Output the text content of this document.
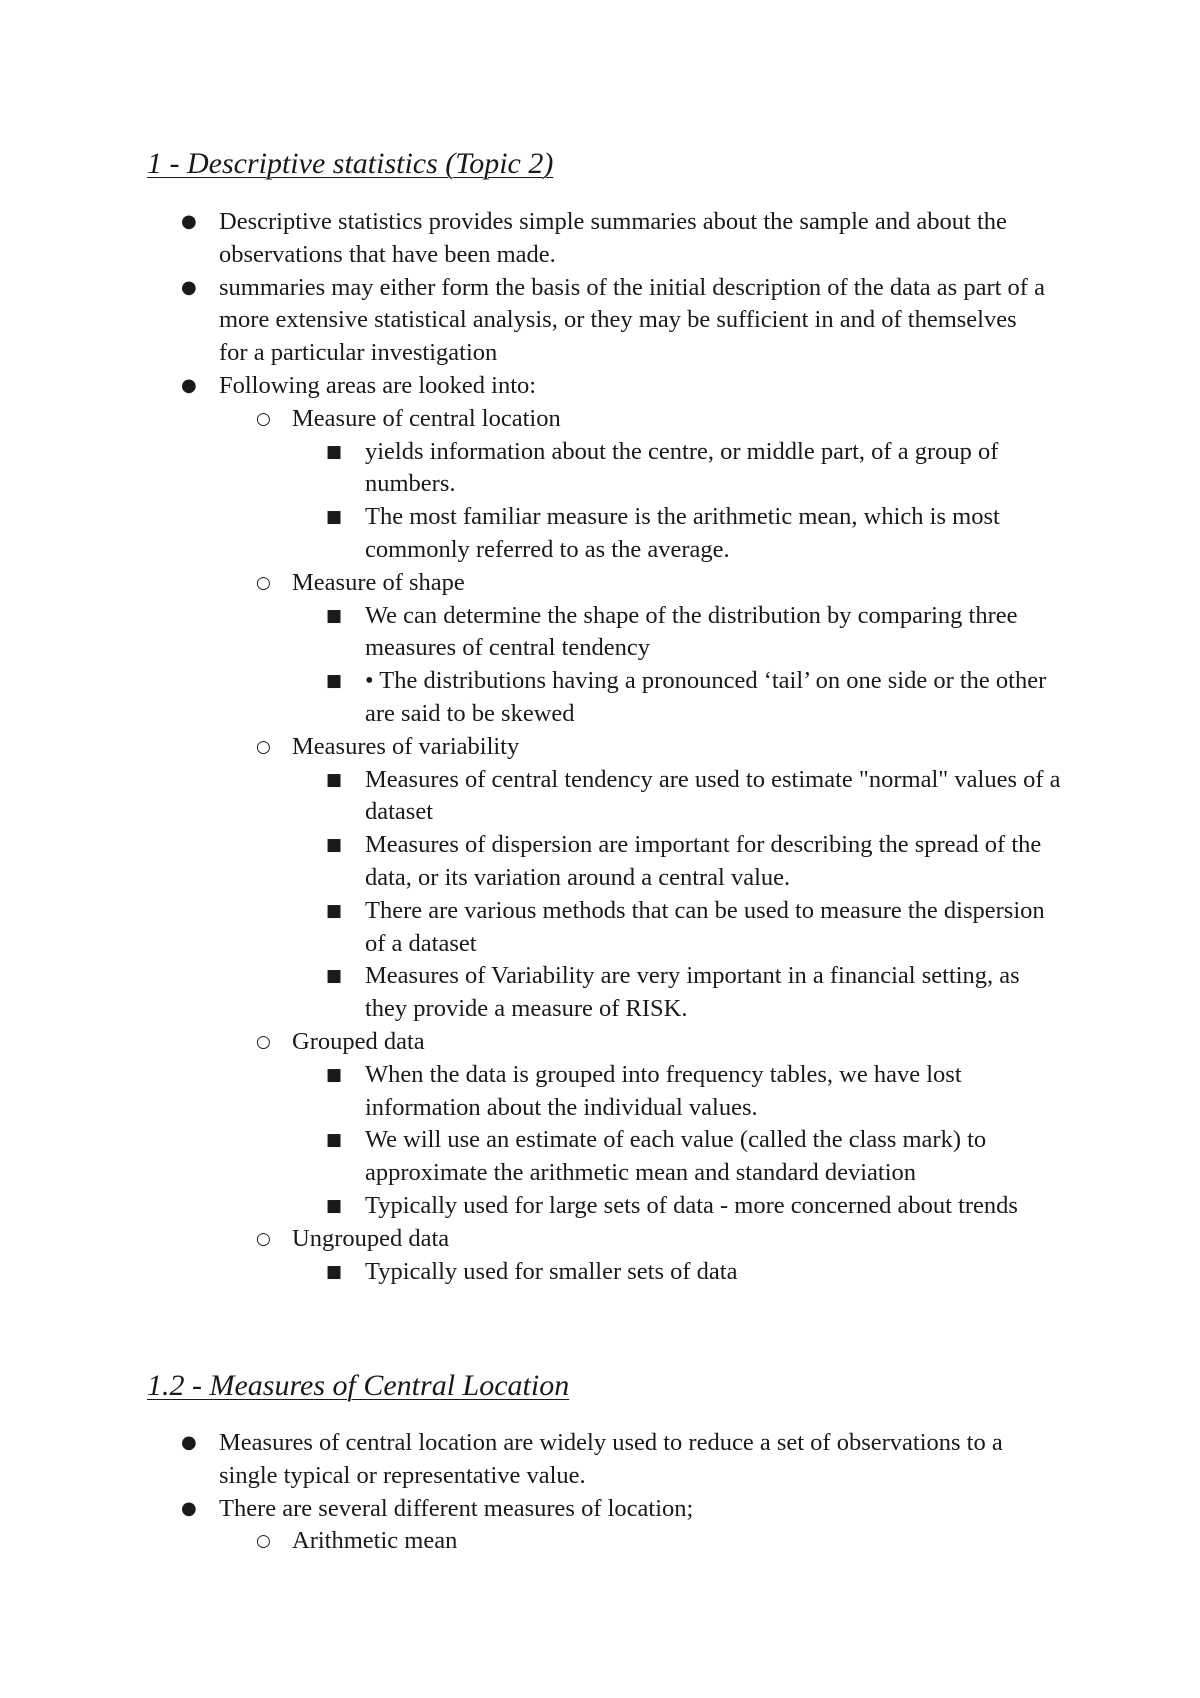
1 - Descriptive statistics (Topic 2)
● Descriptive statistics provides simple summaries about the sample and about the observations that have been made.
● summaries may either form the basis of the initial description of the data as part of a more extensive statistical analysis, or they may be sufficient in and of themselves for a particular investigation
● Following areas are looked into:
○ Measure of central location
■ yields information about the centre, or middle part, of a group of numbers.
■ The most familiar measure is the arithmetic mean, which is most commonly referred to as the average.
○ Measure of shape
■ We can determine the shape of the distribution by comparing three measures of central tendency
■ • The distributions having a pronounced ‘tail’ on one side or the other are said to be skewed
○ Measures of variability
■ Measures of central tendency are used to estimate "normal" values of a dataset
■ Measures of dispersion are important for describing the spread of the data, or its variation around a central value.
■ There are various methods that can be used to measure the dispersion of a dataset
■ Measures of Variability are very important in a financial setting, as they provide a measure of RISK.
○ Grouped data
■ When the data is grouped into frequency tables, we have lost information about the individual values.
■ We will use an estimate of each value (called the class mark) to approximate the arithmetic mean and standard deviation
■ Typically used for large sets of data - more concerned about trends
○ Ungrouped data
■ Typically used for smaller sets of data
1.2 - Measures of Central Location
● Measures of central location are widely used to reduce a set of observations to a single typical or representative value.
● There are several different measures of location;
○ Arithmetic mean
